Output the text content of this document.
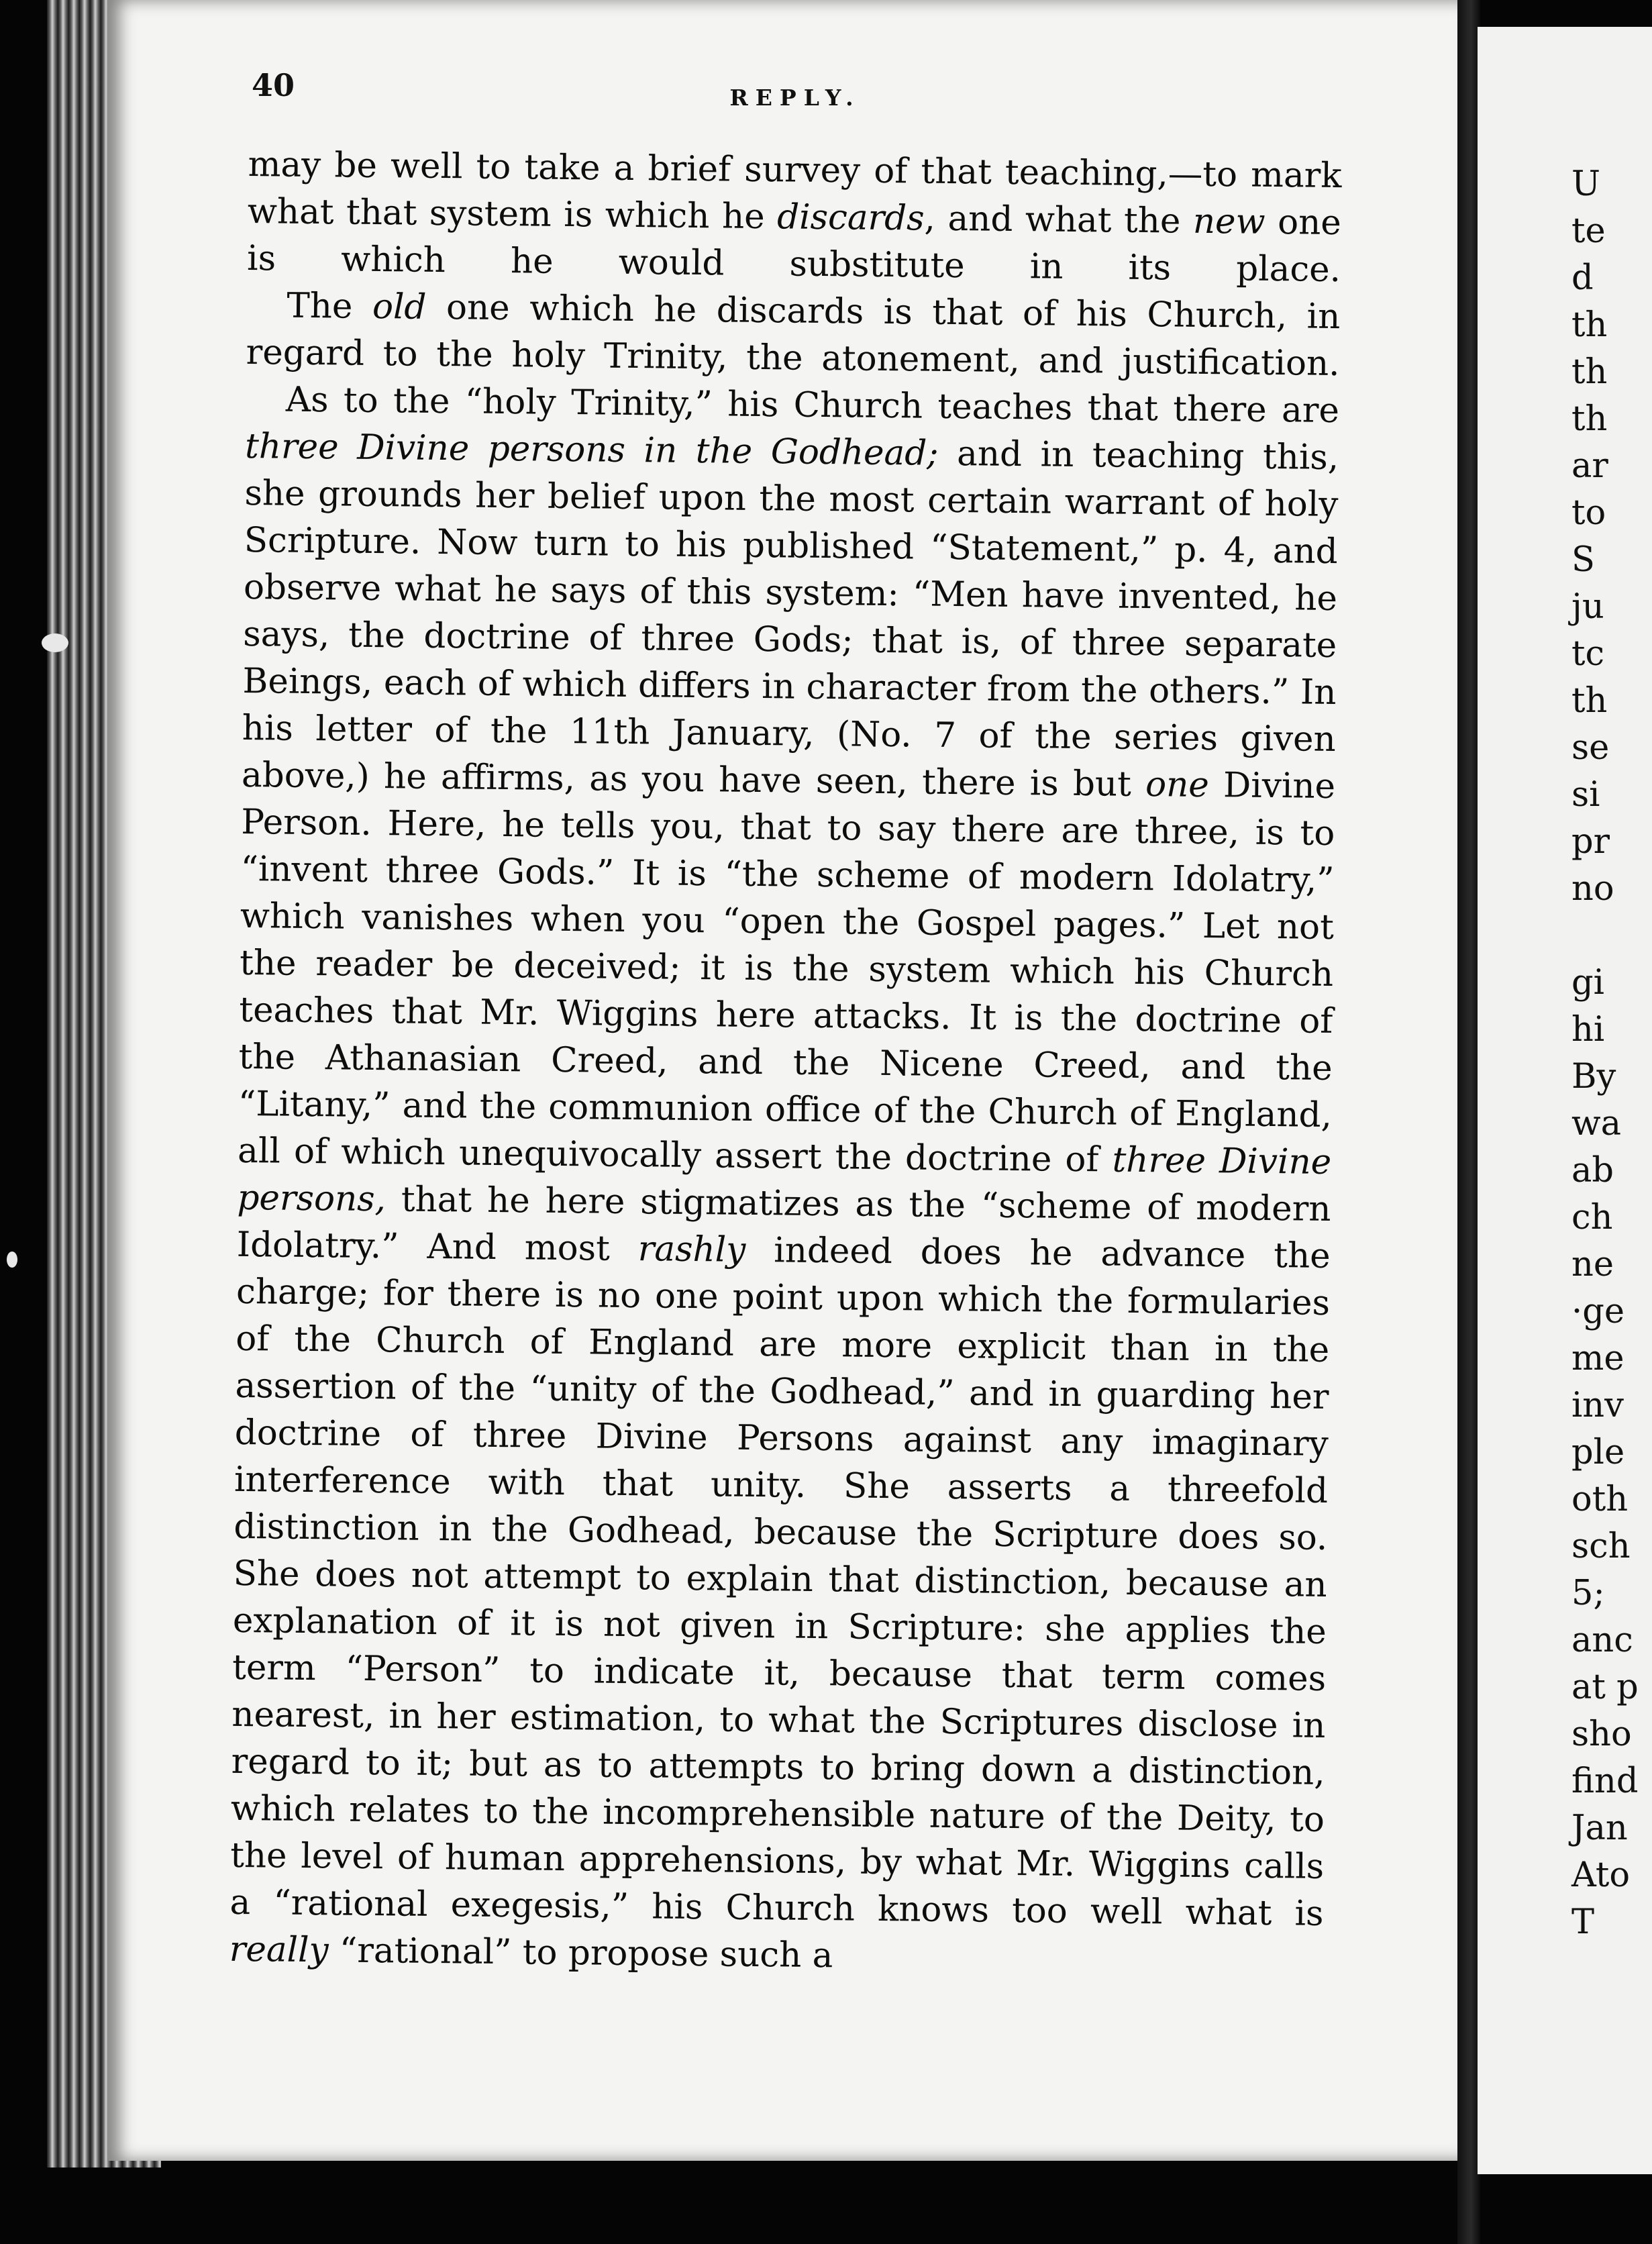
40	REPLY.

may be well to take a brief survey of that teaching,—to mark what that system is which he discards, and what the new one is which he would substitute in its place.

The old one which he discards is that of his Church, in regard to the holy Trinity, the atonement, and justification.

As to the “holy Trinity,” his Church teaches that there are three Divine persons in the Godhead; and in teaching this, she grounds her belief upon the most certain warrant of holy Scripture. Now turn to his published “Statement,” p. 4, and observe what he says of this system: “Men have invented, he says, the doctrine of three Gods; that is, of three separate Beings, each of which differs in character from the others.” In his letter of the 11th January, (No. 7 of the series given above,) he affirms, as you have seen, there is but one Divine Person. Here, he tells you, that to say there are three, is to “invent three Gods.” It is “the scheme of modern Idolatry,” which vanishes when you “open the Gospel pages.” Let not the reader be deceived; it is the system which his Church teaches that Mr. Wiggins here attacks. It is the doctrine of the Athanasian Creed, and the Nicene Creed, and the “Litany,” and the communion office of the Church of England, all of which unequivocally assert the doctrine of three Divine persons, that he here stigmatizes as the “scheme of modern Idolatry.” And most rashly indeed does he advance the charge; for there is no one point upon which the formularies of the Church of England are more explicit than in the assertion of the “unity of the Godhead,” and in guarding her doctrine of three Divine Persons against any imaginary interference with that unity. She asserts a threefold distinction in the Godhead, because the Scripture does so. She does not attempt to explain that distinction, because an explanation of it is not given in Scripture: she applies the term “Person” to indicate it, because that term comes nearest, in her estimation, to what the Scriptures disclose in regard to it; but as to attempts to bring down a distinction, which relates to the incomprehensible nature of the Deity, to the level of human apprehensions, by what Mr. Wiggins calls a “rational exegesis,” his Church knows too well what is really “rational” to propose such a

U
te
d
th
th
th
ar
to
S
ju
tc
th
se
si
pr
no

gi
hi
By
wa
ab
ch
ne
·ge
me
inv
ple
oth
sch
5;
anc
at p
sho
find
Jan
Ato
T
